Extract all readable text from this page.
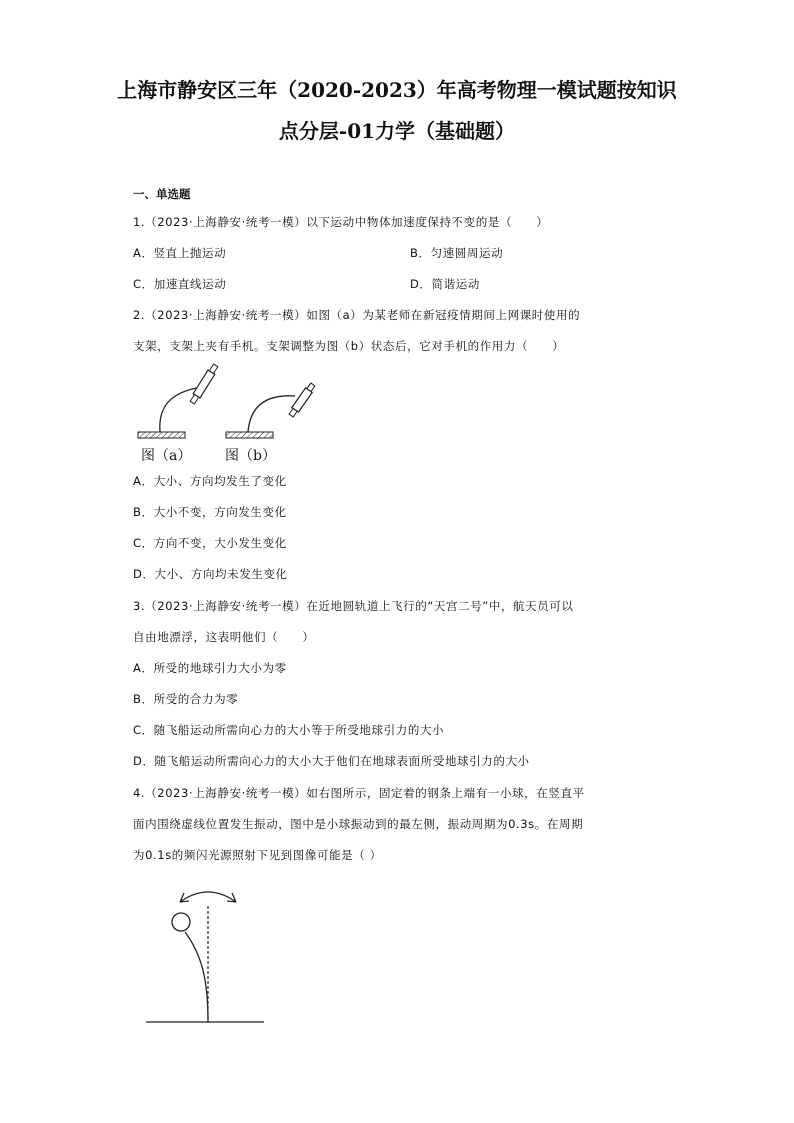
上海市静安区三年（2020-2023）年高考物理一模试题按知识
点分层-01力学（基础题）
一、单选题
1.（2023·上海静安·统考一模）以下运动中物体加速度保持不变的是（　　）
A．竖直上抛运动	B．匀速圆周运动
C．加速直线运动	D．简谐运动
2.（2023·上海静安·统考一模）如图（a）为某老师在新冠疫情期间上网课时使用的
支架，支架上夹有手机。支架调整为图（b）状态后，它对手机的作用力（　　）
图（a） 图（b）
A．大小、方向均发生了变化
B．大小不变，方向发生变化
C．方向不变，大小发生变化
D．大小、方向均未发生变化
3.（2023·上海静安·统考一模）在近地圆轨道上飞行的“天宫二号”中，航天员可以
自由地漂浮，这表明他们（　　）
A．所受的地球引力大小为零
B．所受的合力为零
C．随飞船运动所需向心力的大小等于所受地球引力的大小
D．随飞船运动所需向心力的大小大于他们在地球表面所受地球引力的大小
4.（2023·上海静安·统考一模）如右图所示，固定着的钢条上端有一小球，在竖直平
面内围绕虚线位置发生振动，图中是小球振动到的最左侧，振动周期为0.3s。在周期
为0.1s的频闪光源照射下见到图像可能是（ ）
